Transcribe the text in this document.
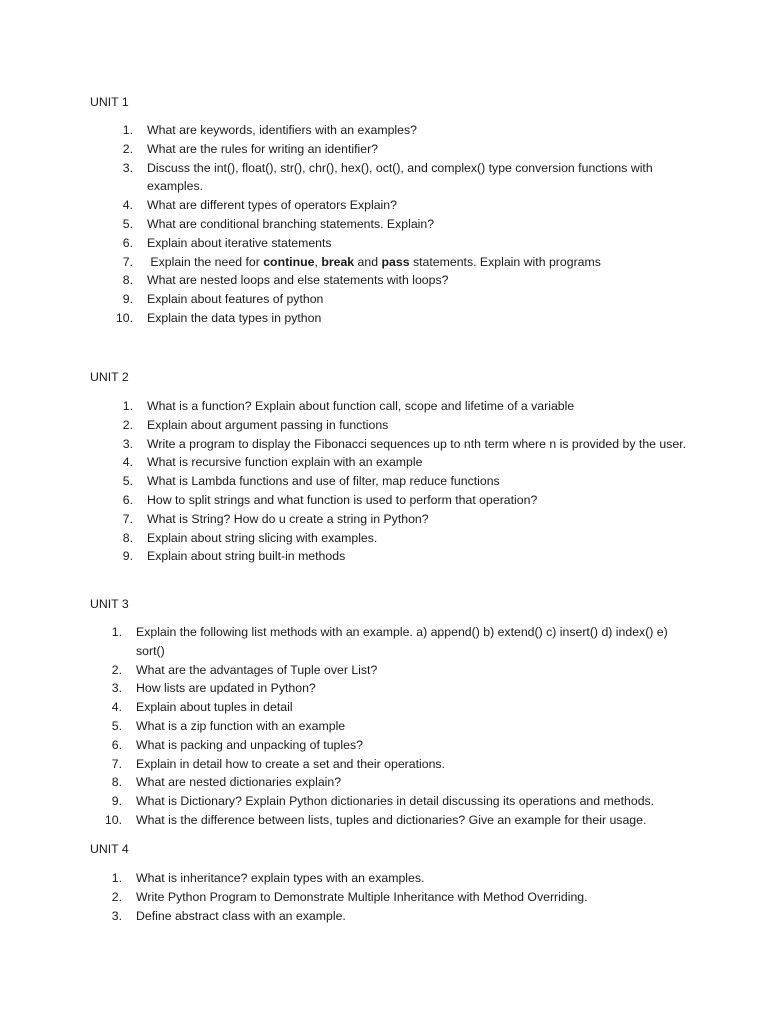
UNIT 1
1. What are keywords, identifiers with an examples?
2. What are the rules for writing an identifier?
3. Discuss the int(), float(), str(), chr(), hex(), oct(), and complex() type conversion functions with examples.
4. What are different types of operators Explain?
5. What are conditional branching statements. Explain?
6. Explain about iterative statements
7. Explain the need for continue, break and pass statements. Explain with programs
8. What are nested loops and else statements with loops?
9. Explain about features of python
10. Explain the data types in python
UNIT 2
1. What is a function? Explain about function call, scope and lifetime of a variable
2. Explain about argument passing in functions
3. Write a program to display the Fibonacci sequences up to nth term where n is provided by the user.
4. What is recursive function explain with an example
5. What is Lambda functions and use of filter, map reduce functions
6. How to split strings and what function is used to perform that operation?
7. What is String? How do u create a string in Python?
8. Explain about string slicing with examples.
9. Explain about string built-in methods
UNIT 3
1. Explain the following list methods with an example. a) append() b) extend() c) insert() d) index() e) sort()
2. What are the advantages of Tuple over List?
3. How lists are updated in Python?
4. Explain about tuples in detail
5. What is a zip function with an example
6. What is packing and unpacking of tuples?
7. Explain in detail how to create a set and their operations.
8. What are nested dictionaries explain?
9. What is Dictionary? Explain Python dictionaries in detail discussing its operations and methods.
10. What is the difference between lists, tuples and dictionaries? Give an example for their usage.
UNIT 4
1. What is inheritance? explain types with an examples.
2. Write Python Program to Demonstrate Multiple Inheritance with Method Overriding.
3. Define abstract class with an example.
